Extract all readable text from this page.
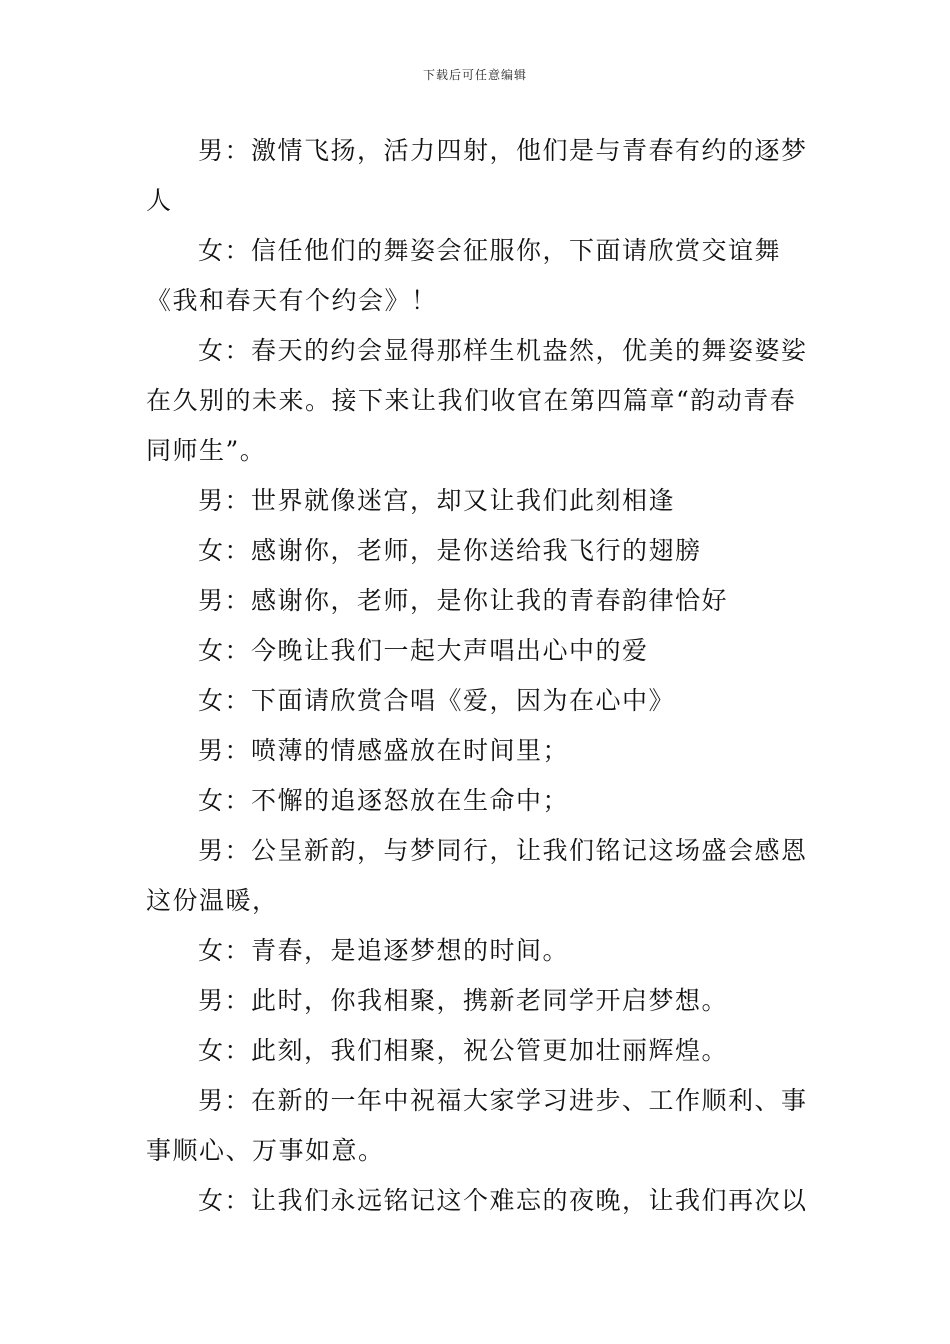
下载后可任意编辑

男：激情飞扬，活力四射，他们是与青春有约的逐梦人

女：信任他们的舞姿会征服你，下面请欣赏交谊舞《我和春天有个约会》！

女：春天的约会显得那样生机盎然，优美的舞姿婆娑在久别的未来。接下来让我们收官在第四篇章“韵动青春同师生”。

男：世界就像迷宫，却又让我们此刻相逢

女：感谢你，老师，是你送给我飞行的翅膀

男：感谢你，老师，是你让我的青春韵律恰好

女：今晚让我们一起大声唱出心中的爱

女：下面请欣赏合唱《爱，因为在心中》

男：喷薄的情感盛放在时间里；

女：不懈的追逐怒放在生命中；

男：公呈新韵，与梦同行，让我们铭记这场盛会感恩这份温暖，

女：青春，是追逐梦想的时间。

男：此时，你我相聚，携新老同学开启梦想。

女：此刻，我们相聚，祝公管更加壮丽辉煌。

男：在新的一年中祝福大家学习进步、工作顺利、事事顺心、万事如意。

女：让我们永远铭记这个难忘的夜晚，让我们再次以
